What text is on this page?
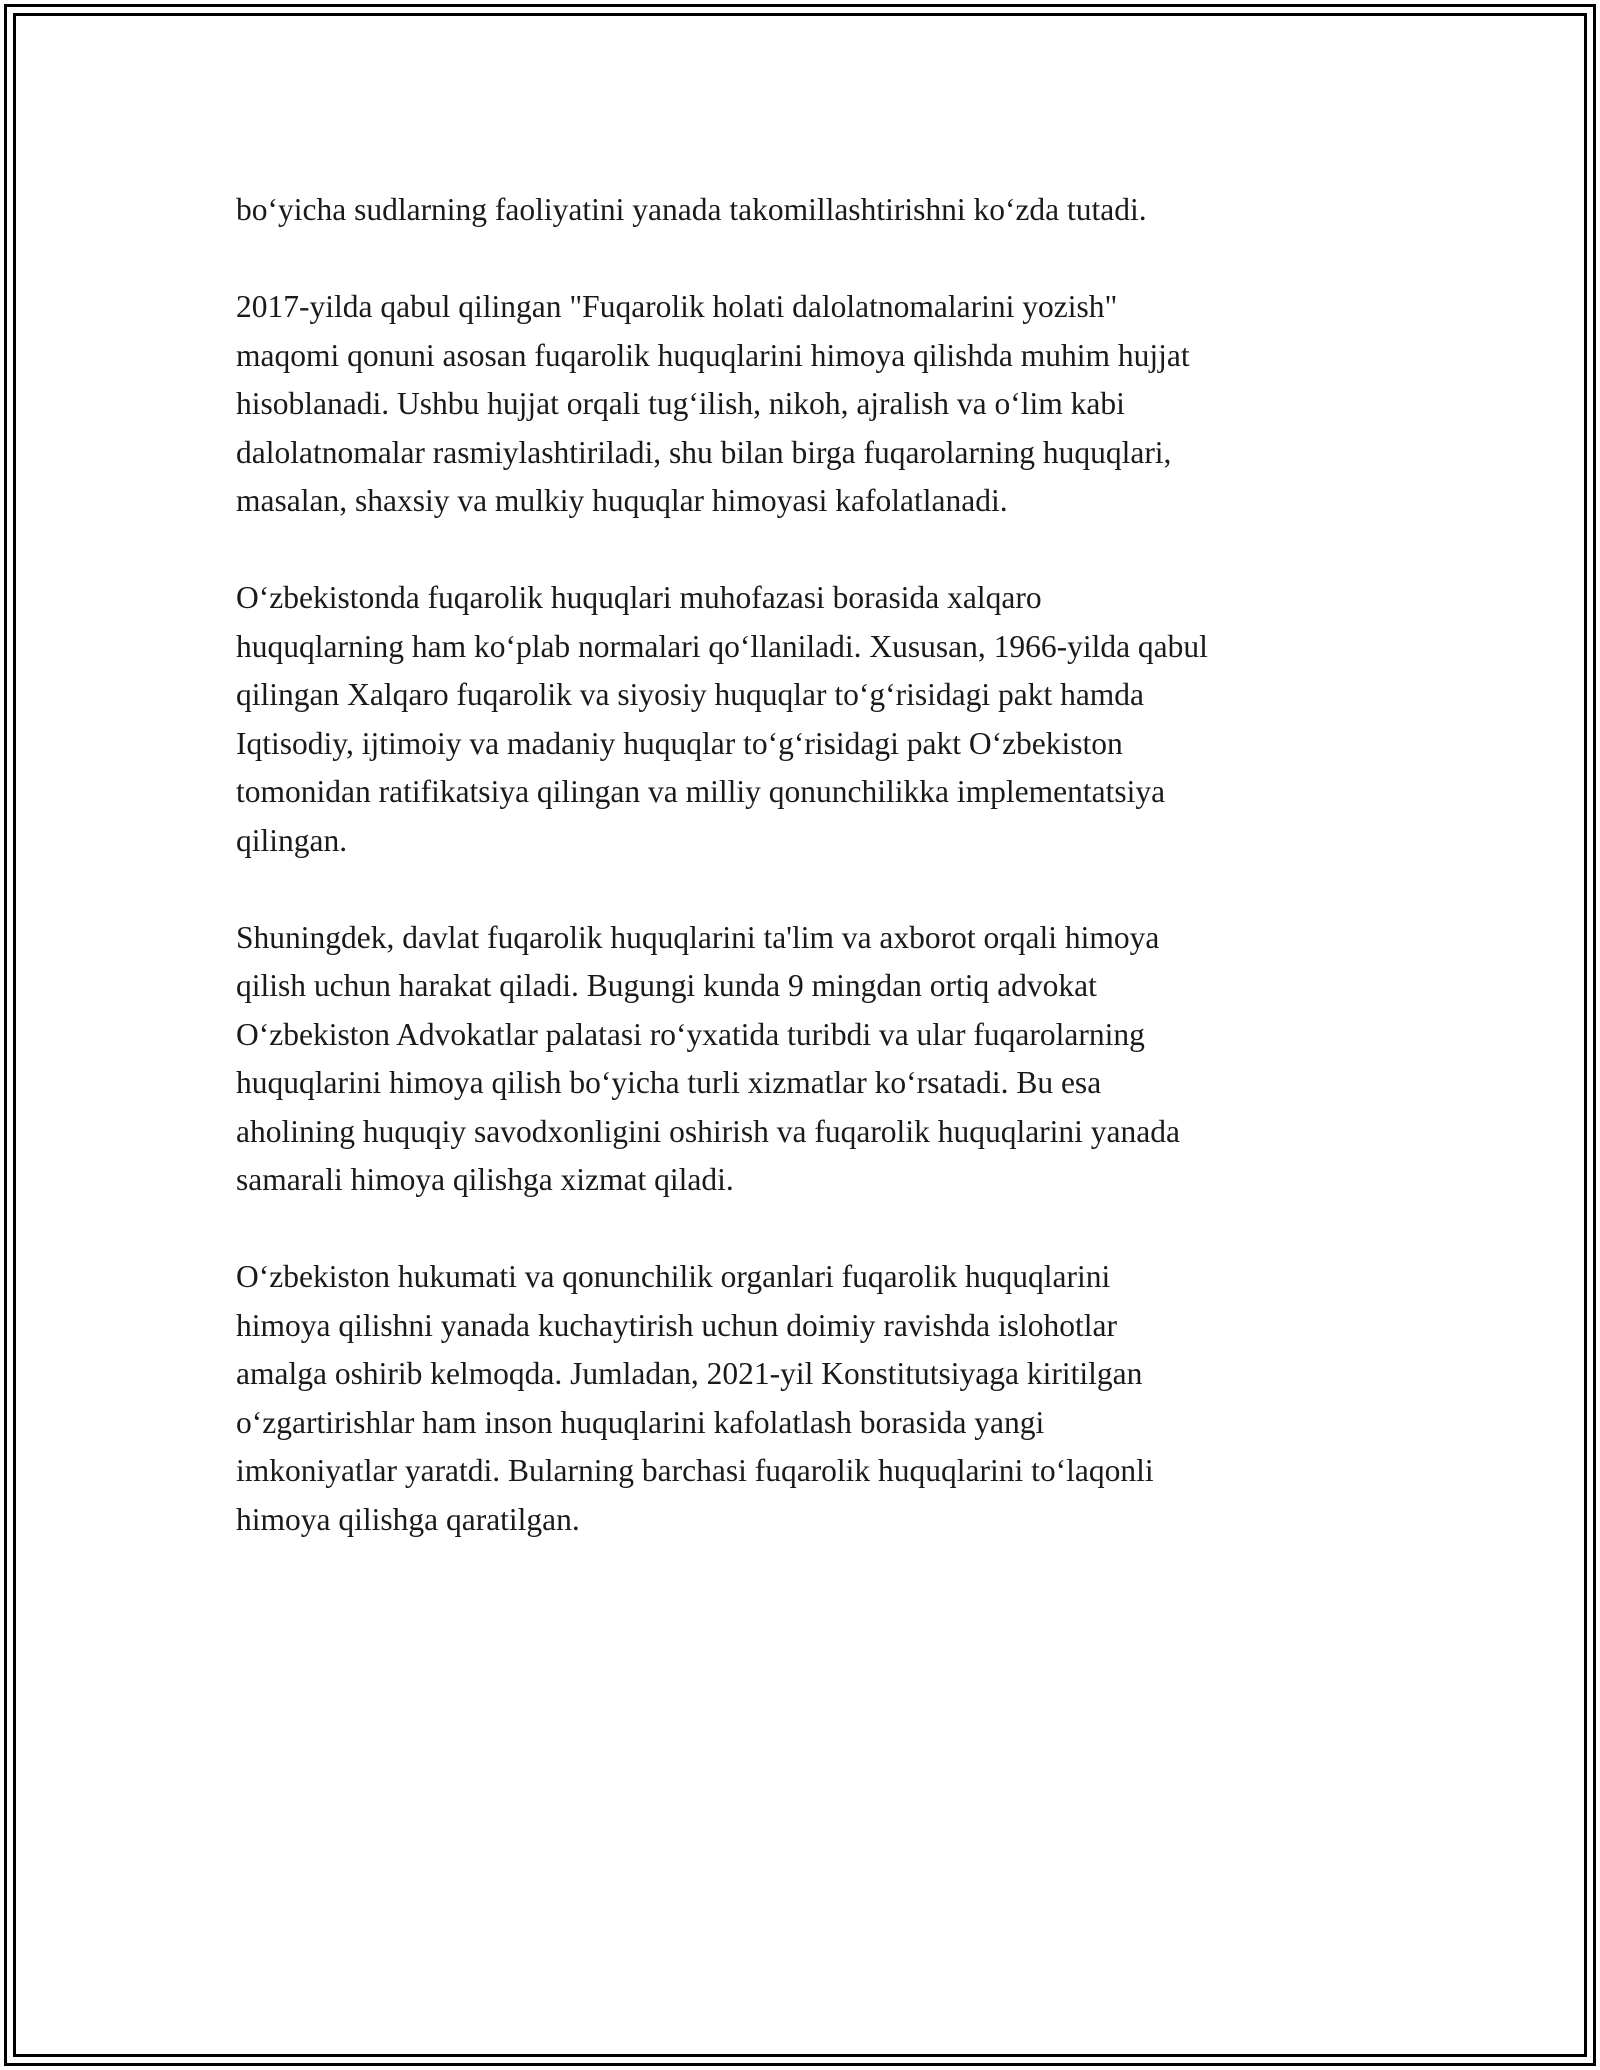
bo‘yicha sudlarning faoliyatini yanada takomillashtirishni ko‘zda tutadi.

2017-yilda qabul qilingan "Fuqarolik holati dalolatnomalarini yozish"
maqomi qonuni asosan fuqarolik huquqlarini himoya qilishda muhim hujjat
hisoblanadi. Ushbu hujjat orqali tug‘ilish, nikoh, ajralish va o‘lim kabi
dalolatnomalar rasmiylashtiriladi, shu bilan birga fuqarolarning huquqlari,
masalan, shaxsiy va mulkiy huquqlar himoyasi kafolatlanadi.

O‘zbekistonda fuqarolik huquqlari muhofazasi borasida xalqaro
huquqlarning ham ko‘plab normalari qo‘llaniladi. Xususan, 1966-yilda qabul
qilingan Xalqaro fuqarolik va siyosiy huquqlar to‘g‘risidagi pakt hamda
Iqtisodiy, ijtimoiy va madaniy huquqlar to‘g‘risidagi pakt O‘zbekiston
tomonidan ratifikatsiya qilingan va milliy qonunchilikka implementatsiya
qilingan.

Shuningdek, davlat fuqarolik huquqlarini ta'lim va axborot orqali himoya
qilish uchun harakat qiladi. Bugungi kunda 9 mingdan ortiq advokat
O‘zbekiston Advokatlar palatasi ro‘yxatida turibdi va ular fuqarolarning
huquqlarini himoya qilish bo‘yicha turli xizmatlar ko‘rsatadi. Bu esa
aholining huquqiy savodxonligini oshirish va fuqarolik huquqlarini yanada
samarali himoya qilishga xizmat qiladi.

O‘zbekiston hukumati va qonunchilik organlari fuqarolik huquqlarini
himoya qilishni yanada kuchaytirish uchun doimiy ravishda islohotlar
amalga oshirib kelmoqda. Jumladan, 2021-yil Konstitutsiyaga kiritilgan
o‘zgartirishlar ham inson huquqlarini kafolatlash borasida yangi
imkoniyatlar yaratdi. Bularning barchasi fuqarolik huquqlarini to‘laqonli
himoya qilishga qaratilgan.
